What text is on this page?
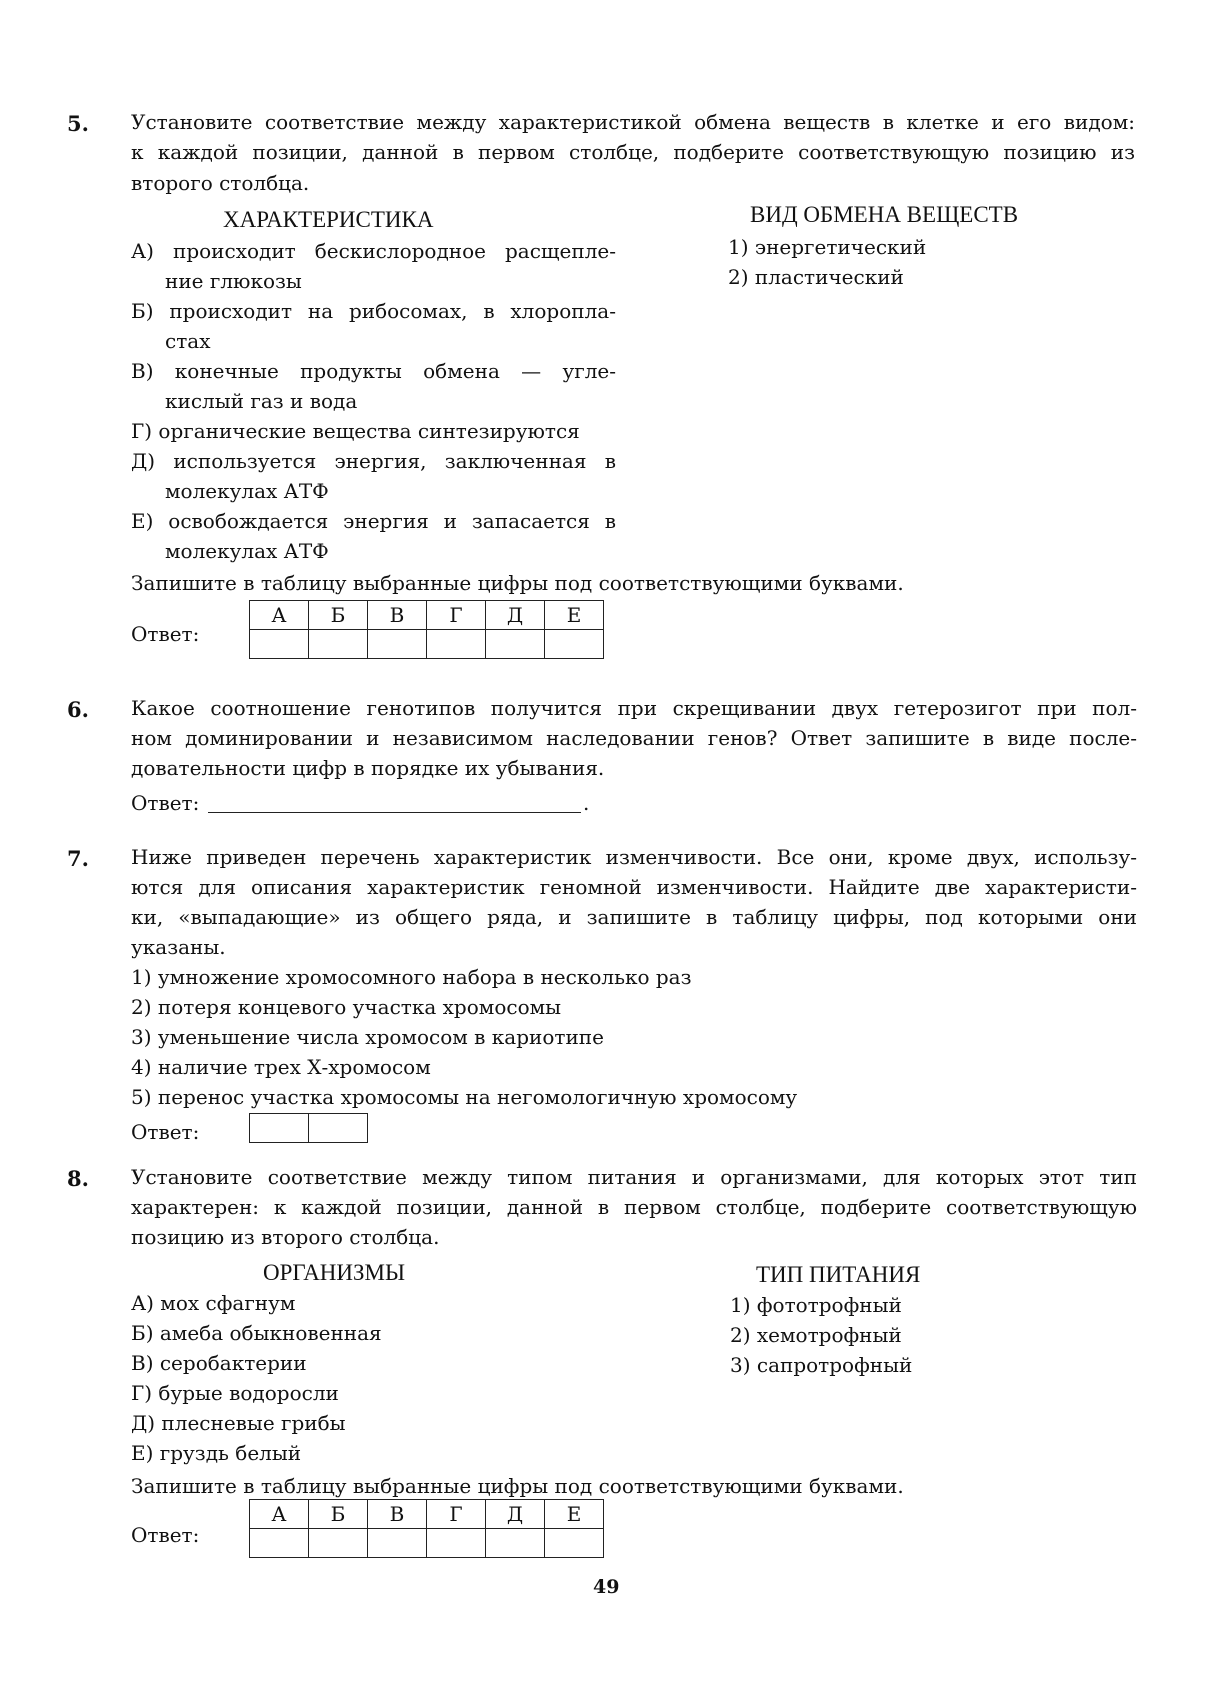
5. Установите соответствие между характеристикой обмена веществ в клетке и его видом:
к каждой позиции, данной в первом столбце, подберите соответствующую позицию из
второго столбца.
ХАРАКТЕРИСТИКА	ВИД ОБМЕНА ВЕЩЕСТВ
А) происходит бескислородное расщепле-
ние глюкозы
Б) происходит на рибосомах, в хлоропла-
стах
В) конечные продукты обмена — угле-
кислый газ и вода
Г) органические вещества синтезируются
Д) используется энергия, заключенная в
молекулах АТФ
Е) освобождается энергия и запасается в
молекулах АТФ
1) энергетический
2) пластический
Запишите в таблицу выбранные цифры под соответствующими буквами.
Ответ:
А	Б	В	Г	Д	Е

6. Какое соотношение генотипов получится при скрещивании двух гетерозигот при пол-
ном доминировании и независимом наследовании генов? Ответ запишите в виде после-
довательности цифр в порядке их убывания.
Ответ:	.
7. Ниже приведен перечень характеристик изменчивости. Все они, кроме двух, использу-
ются для описания характеристик геномной изменчивости. Найдите две характеристи-
ки, «выпадающие» из общего ряда, и запишите в таблицу цифры, под которыми они
указаны.
1) умножение хромосомного набора в несколько раз
2) потеря концевого участка хромосомы
3) уменьшение числа хромосом в кариотипе
4) наличие трех Х-хромосом
5) перенос участка хромосомы на негомологичную хромосому
Ответ:

8. Установите соответствие между типом питания и организмами, для которых этот тип
характерен: к каждой позиции, данной в первом столбце, подберите соответствующую
позицию из второго столбца.
ОРГАНИЗМЫ	ТИП ПИТАНИЯ
А) мох сфагнум
Б) амеба обыкновенная
В) серобактерии
Г) бурые водоросли
Д) плесневые грибы
Е) груздь белый
1) фототрофный
2) хемотрофный
3) сапротрофный
Запишите в таблицу выбранные цифры под соответствующими буквами.
Ответ:
А	Б	В	Г	Д	Е

49
